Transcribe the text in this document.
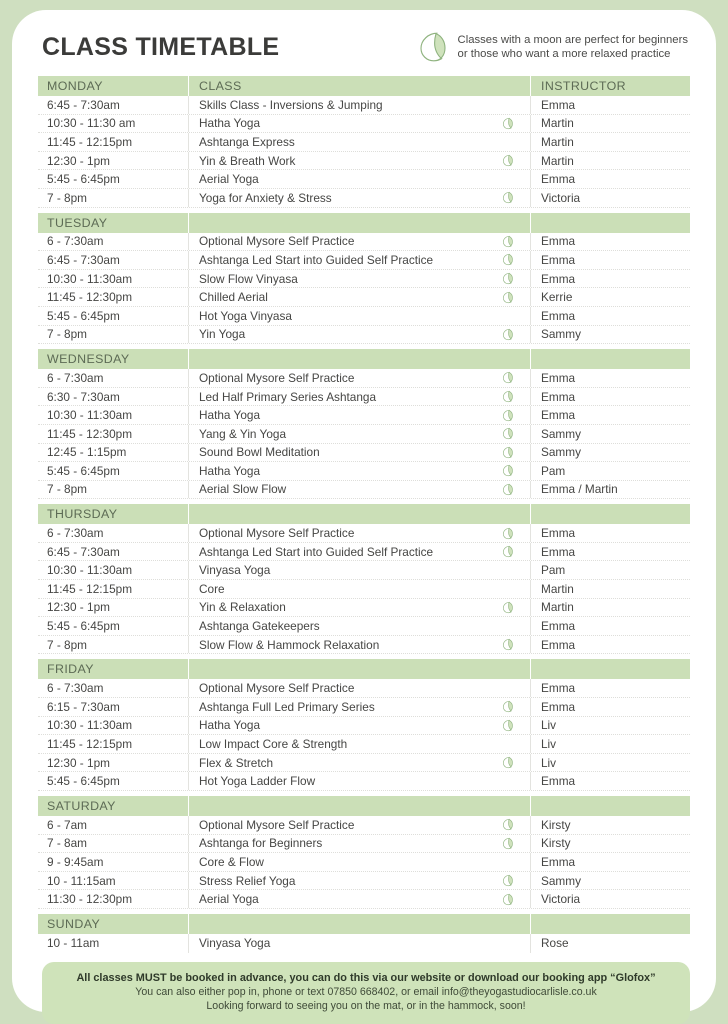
CLASS TIMETABLE	Classes with a moon are perfect for beginners
or those who want a more relaxed practice
MONDAY	CLASS	INSTRUCTOR
6:45 - 7:30am	Skills Class - Inversions & Jumping	Emma
10:30 - 11:30 am	Hatha Yoga	Martin
11:45 - 12:15pm	Ashtanga Express	Martin
12:30 - 1pm	Yin & Breath Work	Martin
5:45 - 6:45pm	Aerial Yoga	Emma
7 - 8pm	Yoga for Anxiety & Stress	Victoria
TUESDAY
6 - 7:30am	Optional Mysore Self Practice	Emma
6:45 - 7:30am	Ashtanga Led Start into Guided Self Practice	Emma
10:30 - 11:30am	Slow Flow Vinyasa	Emma
11:45 - 12:30pm	Chilled Aerial	Kerrie
5:45 - 6:45pm	Hot Yoga Vinyasa	Emma
7 - 8pm	Yin Yoga	Sammy
WEDNESDAY
6 - 7:30am	Optional Mysore Self Practice	Emma
6:30 - 7:30am	Led Half Primary Series Ashtanga	Emma
10:30 - 11:30am	Hatha Yoga	Emma
11:45 - 12:30pm	Yang & Yin Yoga	Sammy
12:45 - 1:15pm	Sound Bowl Meditation	Sammy
5:45 - 6:45pm	Hatha Yoga	Pam
7 - 8pm	Aerial Slow Flow	Emma / Martin
THURSDAY
6 - 7:30am	Optional Mysore Self Practice	Emma
6:45 - 7:30am	Ashtanga Led Start into Guided Self Practice	Emma
10:30 - 11:30am	Vinyasa Yoga	Pam
11:45 - 12:15pm	Core	Martin
12:30 - 1pm	Yin & Relaxation	Martin
5:45 - 6:45pm	Ashtanga Gatekeepers	Emma
7 - 8pm	Slow Flow & Hammock Relaxation	Emma
FRIDAY
6 - 7:30am	Optional Mysore Self Practice	Emma
6:15 - 7:30am	Ashtanga Full Led Primary Series	Emma
10:30 - 11:30am	Hatha Yoga	Liv
11:45 - 12:15pm	Low Impact Core & Strength	Liv
12:30 - 1pm	Flex & Stretch	Liv
5:45 - 6:45pm	Hot Yoga Ladder Flow	Emma
SATURDAY
6 - 7am	Optional Mysore Self Practice	Kirsty
7 - 8am	Ashtanga for Beginners	Kirsty
9 - 9:45am	Core & Flow	Emma
10 - 11:15am	Stress Relief Yoga	Sammy
11:30 - 12:30pm	Aerial Yoga	Victoria
SUNDAY
10 - 11am	Vinyasa Yoga	Rose
All classes MUST be booked in advance, you can do this via our website or download our booking app “Glofox”
You can also either pop in, phone or text 07850 668402, or email info@theyogastudiocarlisle.co.uk
Looking forward to seeing you on the mat, or in the hammock, soon!
